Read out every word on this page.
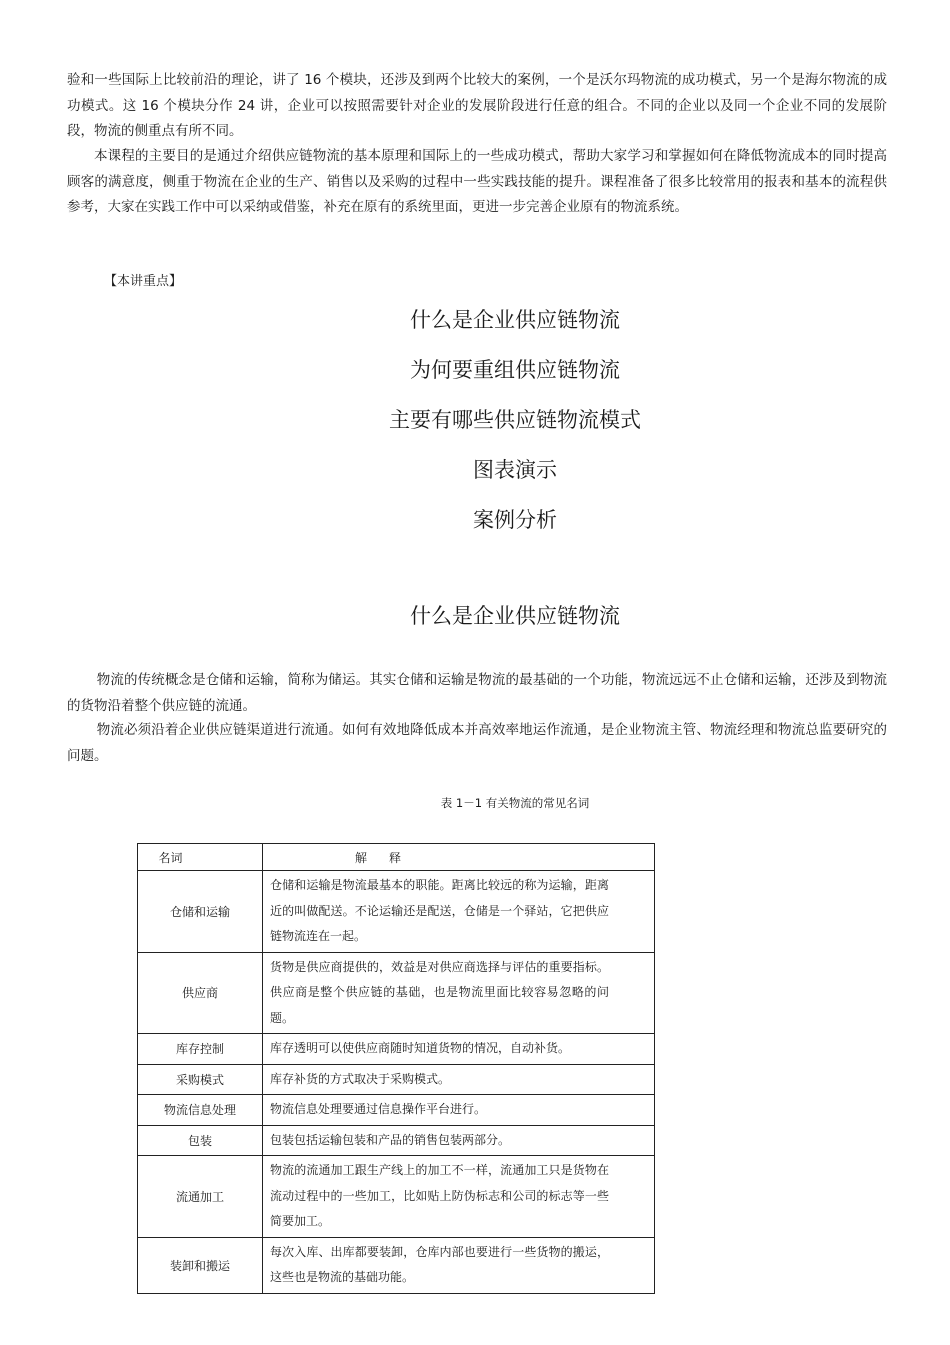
验和一些国际上比较前沿的理论，讲了 16 个模块，还涉及到两个比较大的案例，一个是沃尔玛物流的成功模式，另一个是海尔物流的成功模式。这 16 个模块分作 24 讲，企业可以按照需要针对企业的发展阶段进行任意的组合。不同的企业以及同一个企业不同的发展阶段，物流的侧重点有所不同。

本课程的主要目的是通过介绍供应链物流的基本原理和国际上的一些成功模式，帮助大家学习和掌握如何在降低物流成本的同时提高顾客的满意度，侧重于物流在企业的生产、销售以及采购的过程中一些实践技能的提升。课程准备了很多比较常用的报表和基本的流程供参考，大家在实践工作中可以采纳或借鉴，补充在原有的系统里面，更进一步完善企业原有的物流系统。

【本讲重点】

什么是企业供应链物流
为何要重组供应链物流
主要有哪些供应链物流模式
图表演示
案例分析
什么是企业供应链物流

物流的传统概念是仓储和运输，简称为储运。其实仓储和运输是物流的最基础的一个功能，物流远远不止仓储和运输，还涉及到物流的货物沿着整个供应链的流通。

物流必须沿着企业供应链渠道进行流通。如何有效地降低成本并高效率地运作流通，是企业物流主管、物流经理和物流总监要研究的问题。

表 1－1 有关物流的常见名词

名词	解释
仓储和运输	仓储和运输是物流最基本的职能。距离比较远的称为运输，距离近的叫做配送。不论运输还是配送，仓储是一个驿站，它把供应链物流连在一起。
供应商	货物是供应商提供的，效益是对供应商选择与评估的重要指标。供应商是整个供应链的基础，也是物流里面比较容易忽略的问题。
库存控制	库存透明可以使供应商随时知道货物的情况，自动补货。
采购模式	库存补货的方式取决于采购模式。
物流信息处理	物流信息处理要通过信息操作平台进行。
包装	包装包括运输包装和产品的销售包装两部分。
流通加工	物流的流通加工跟生产线上的加工不一样，流通加工只是货物在流动过程中的一些加工，比如贴上防伪标志和公司的标志等一些简要加工。
装卸和搬运	每次入库、出库都要装卸，仓库内部也要进行一些货物的搬运，这些也是物流的基础功能。
